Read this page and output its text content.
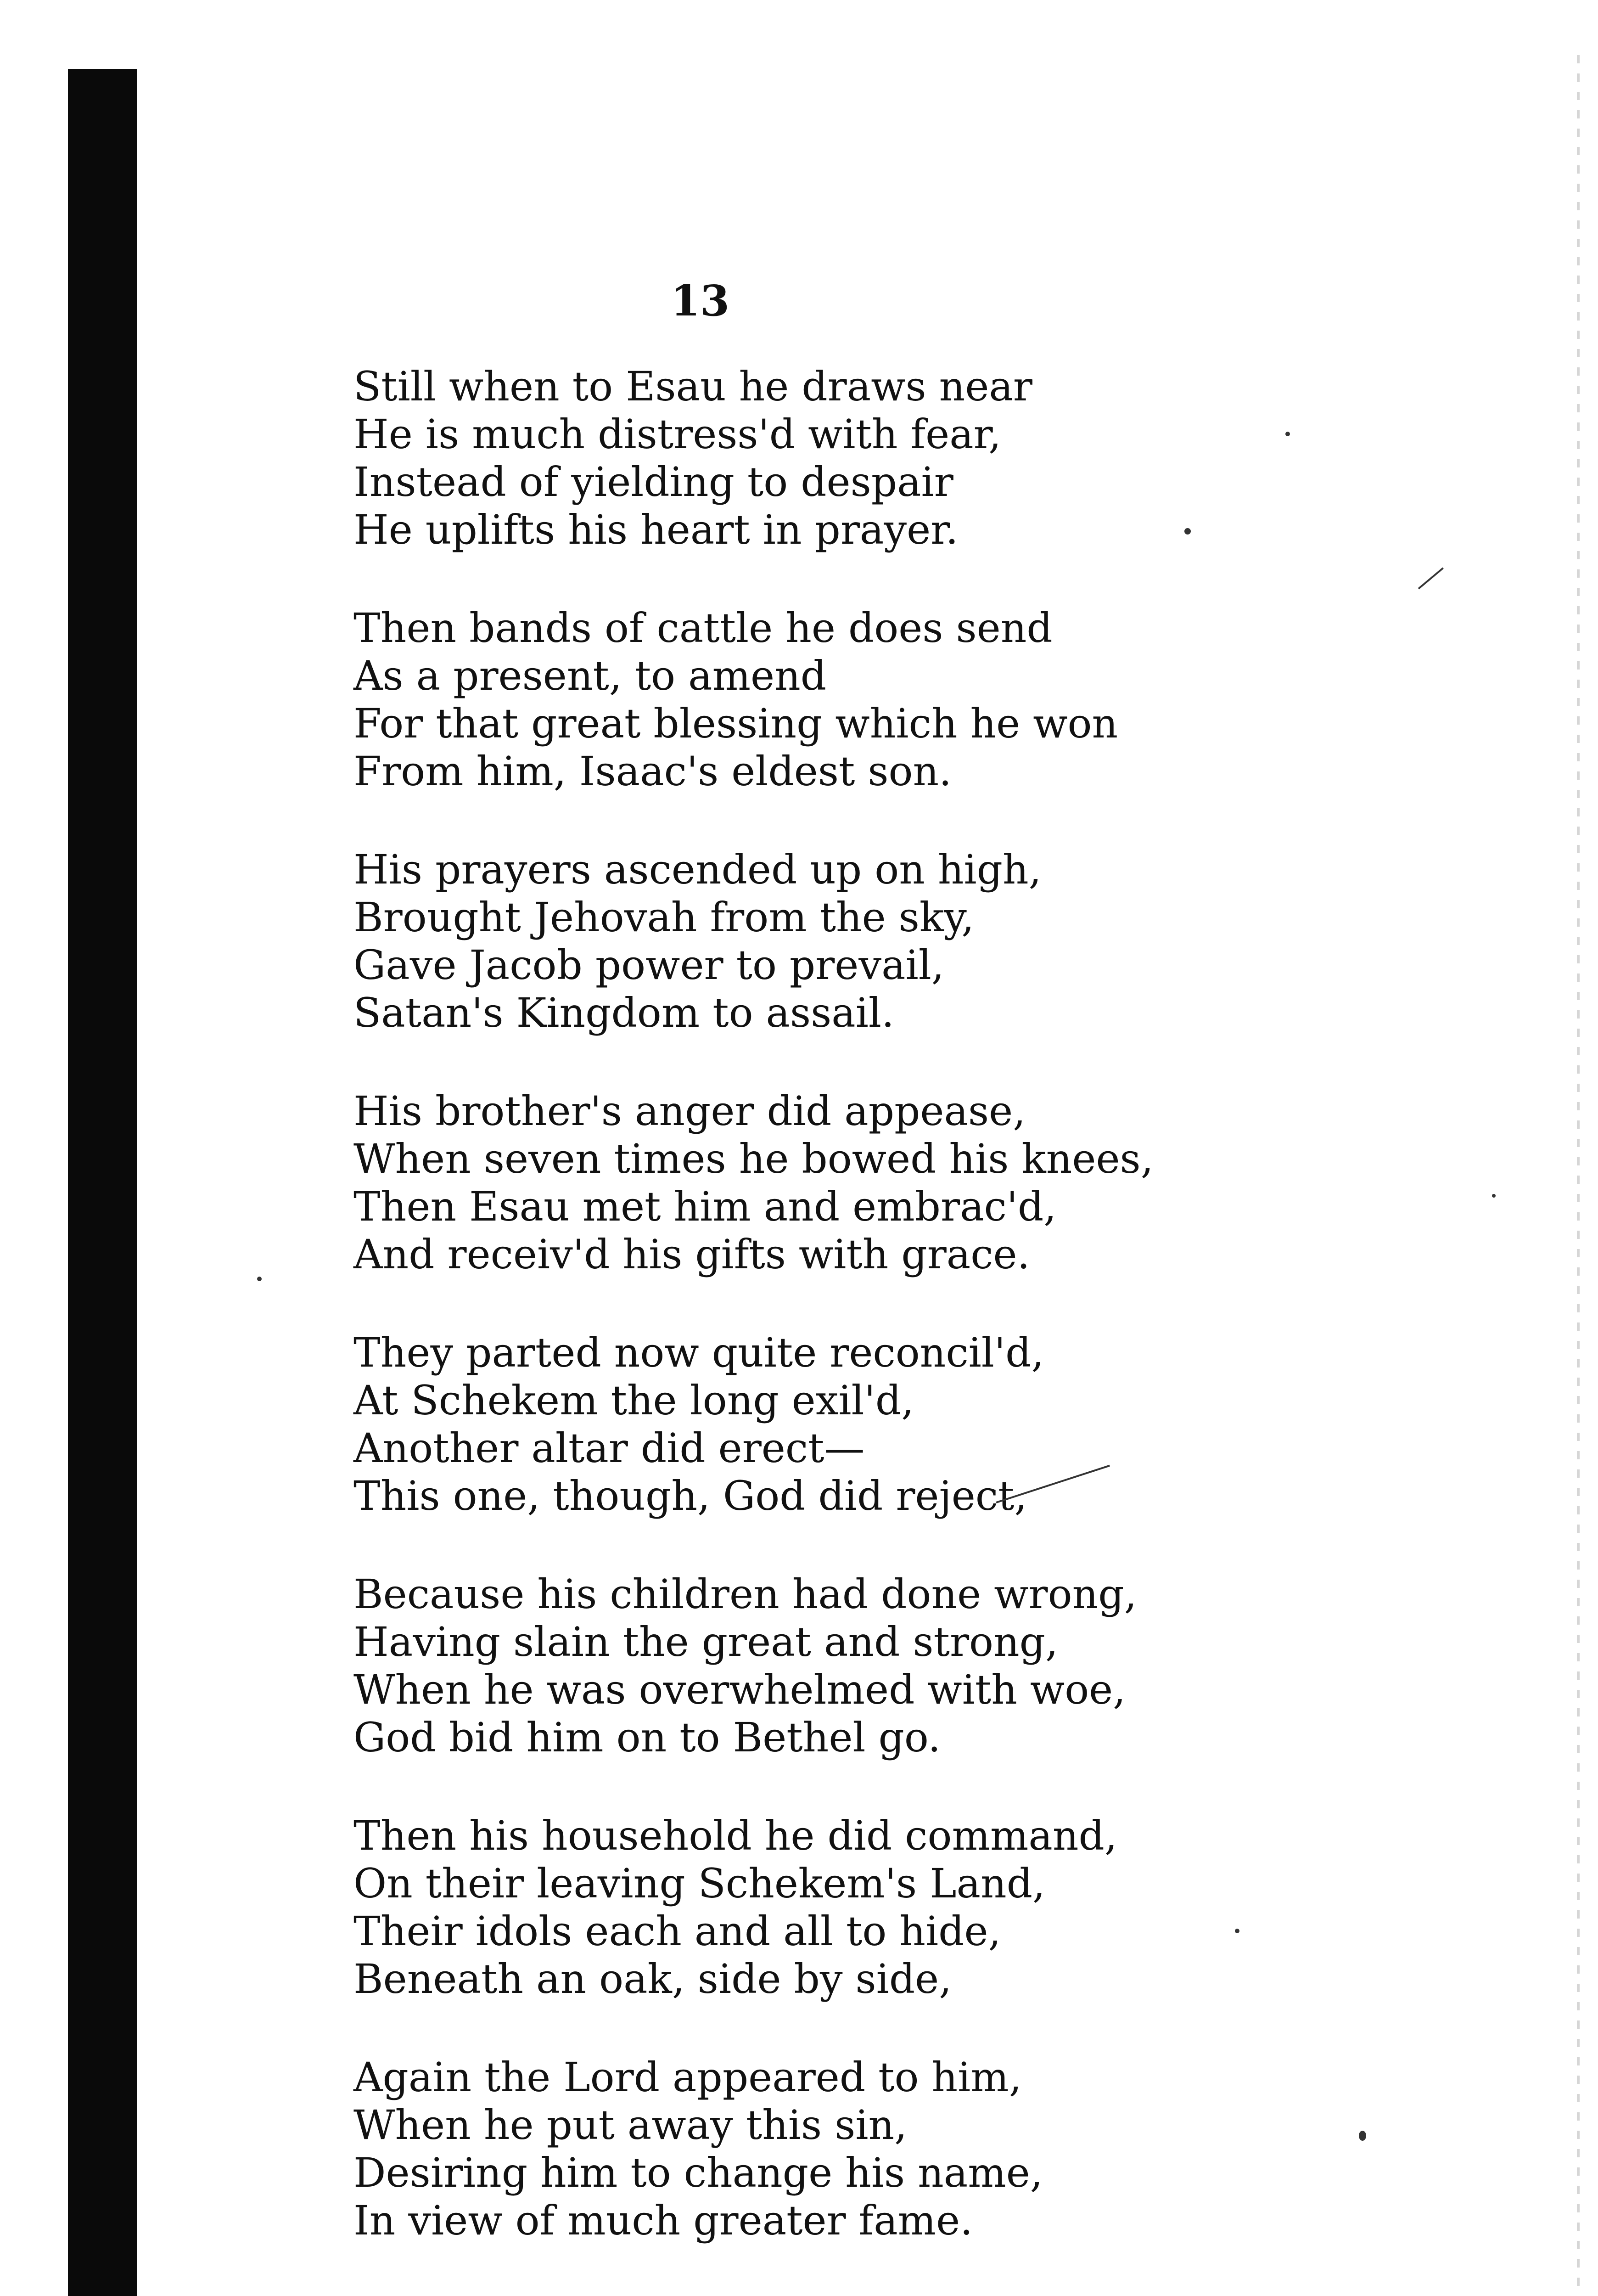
13
Still when to Esau he draws near
He is much distress'd with fear,
Instead of yielding to despair
He uplifts his heart in prayer.
Then bands of cattle he does send
As a present, to amend
For that great blessing which he won
From him, Isaac's eldest son.
His prayers ascended up on high,
Brought Jehovah from the sky,
Gave Jacob power to prevail,
Satan's Kingdom to assail.
His brother's anger did appease,
When seven times he bowed his knees,
Then Esau met him and embrac'd,
And receiv'd his gifts with grace.
They parted now quite reconcil'd,
At Schekem the long exil'd,
Another altar did erect—
This one, though, God did reject,
Because his children had done wrong,
Having slain the great and strong,
When he was overwhelmed with woe,
God bid him on to Bethel go.
Then his household he did command,
On their leaving Schekem's Land,
Their idols each and all to hide,
Beneath an oak, side by side,
Again the Lord appeared to him,
When he put away this sin,
Desiring him to change his name,
In view of much greater fame.
